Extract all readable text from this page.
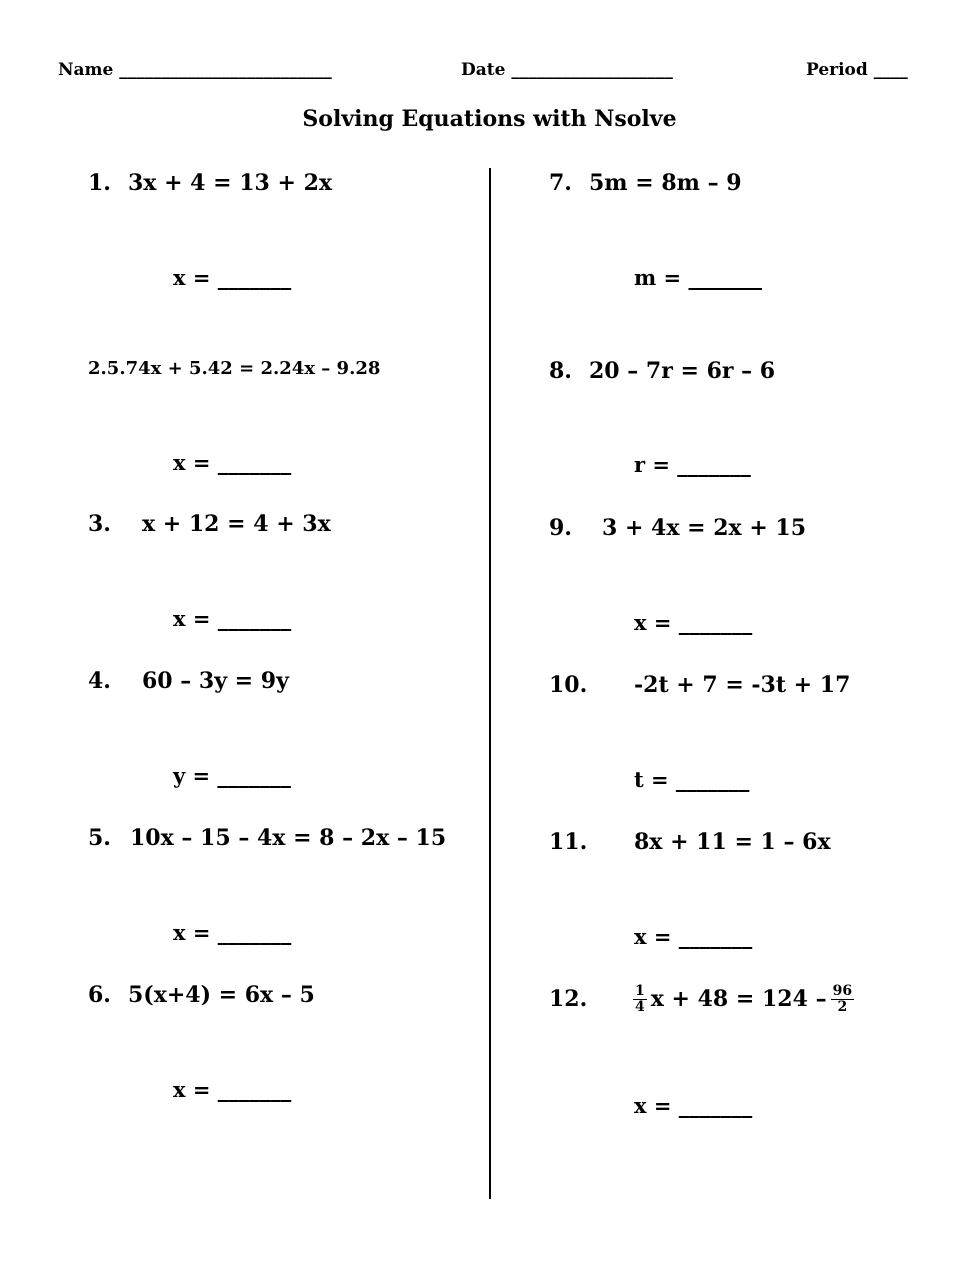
Name _________________________	Date ___________________	Period ____
Solving Equations with Nsolve
1. 3x + 4 = 13 + 2x
x = _______
2.5.74x + 5.42 = 2.24x – 9.28
x = _______
3. x + 12 = 4 + 3x
x = _______
4. 60 – 3y = 9y
y = _______
5. 10x – 15 – 4x = 8 – 2x – 15
x = _______
6. 5(x+4) = 6x – 5
x = _______
7. 5m = 8m – 9
m = _______
8. 20 – 7r = 6r – 6
r = _______
9. 3 + 4x = 2x + 15
x = _______
10. -2t + 7 = -3t + 17
t = _______
11. 8x + 11 = 1 – 6x
x = _______
12.	$\frac{1}{4}$ $x + 48 = 124 - \frac{96}{2}$
x = _______
